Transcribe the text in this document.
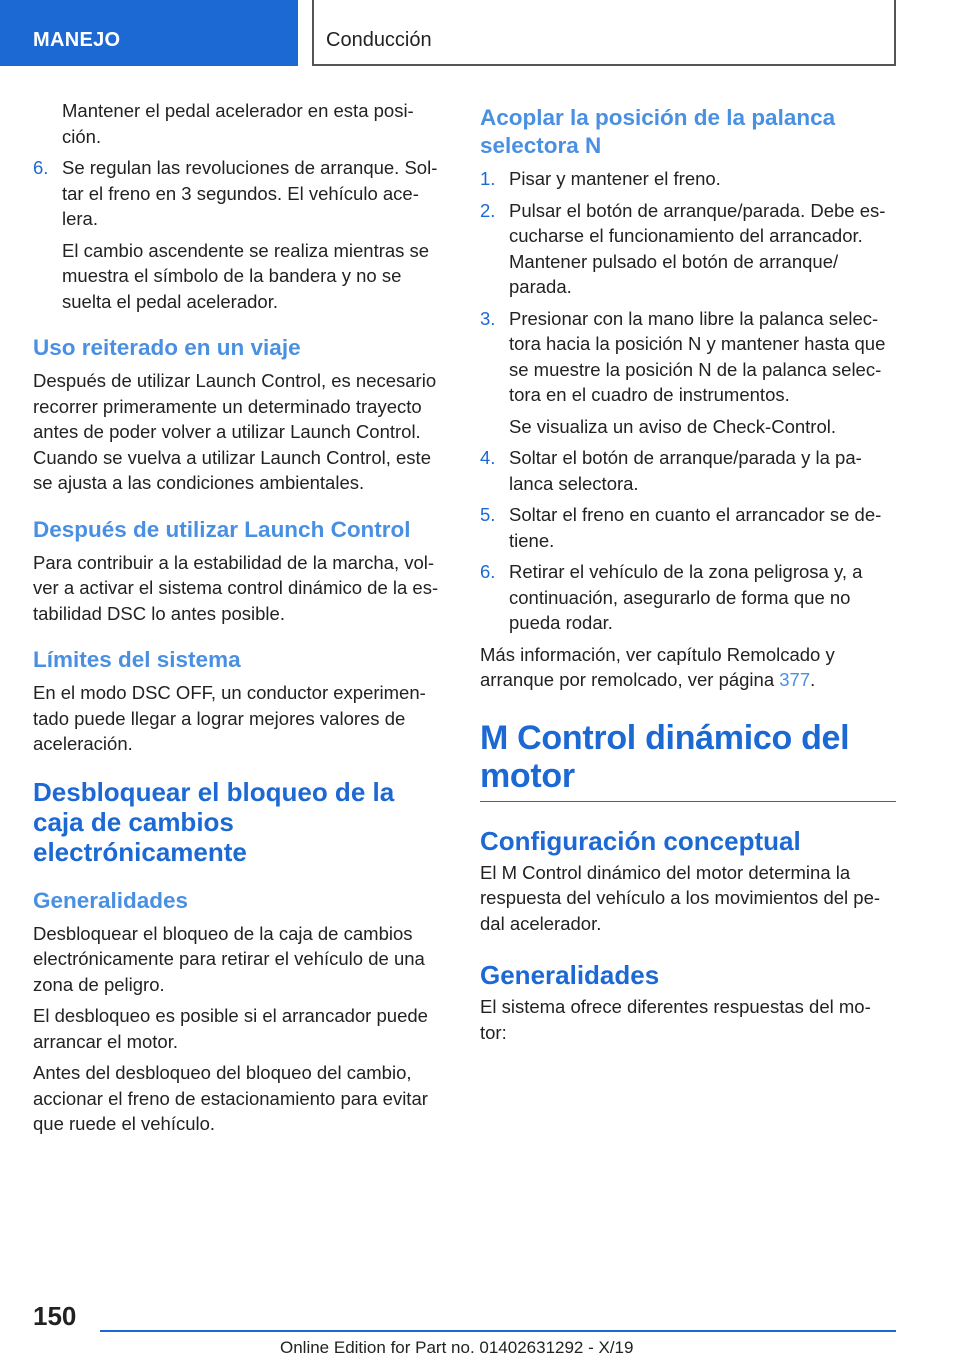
MANEJO	Conducción

Mantener el pedal acelerador en esta posi‐ ción.

6. Se regulan las revoluciones de arranque. Sol‐ tar el freno en 3 segundos. El vehículo ace‐ lera.

El cambio ascendente se realiza mientras se muestra el símbolo de la bandera y no se suelta el pedal acelerador.

Uso reiterado en un viaje

Después de utilizar Launch Control, es necesario recorrer primeramente un determinado trayecto antes de poder volver a utilizar Launch Control. Cuando se vuelva a utilizar Launch Control, este se ajusta a las condiciones ambientales.

Después de utilizar Launch Control

Para contribuir a la estabilidad de la marcha, vol‐ ver a activar el sistema control dinámico de la es‐ tabilidad DSC lo antes posible.

Límites del sistema

En el modo DSC OFF, un conductor experimen‐ tado puede llegar a lograr mejores valores de aceleración.

Desbloquear el bloqueo de la caja de cambios electrónicamente
Generalidades

Desbloquear el bloqueo de la caja de cambios electrónicamente para retirar el vehículo de una zona de peligro.

El desbloqueo es posible si el arrancador puede arrancar el motor.

Antes del desbloqueo del bloqueo del cambio, accionar el freno de estacionamiento para evitar que ruede el vehículo.

Acoplar la posición de la palanca selectora N
1. Pisar y mantener el freno.
2. Pulsar el botón de arranque/parada. Debe es‐ cucharse el funcionamiento del arrancador. Mantener pulsado el botón de arranque/ parada.
3. Presionar con la mano libre la palanca selec‐ tora hacia la posición N y mantener hasta que se muestre la posición N de la palanca selec‐ tora en el cuadro de instrumentos.

Se visualiza un aviso de Check-Control.

4. Soltar el botón de arranque/parada y la pa‐ lanca selectora.
5. Soltar el freno en cuanto el arrancador se de‐ tiene.
6. Retirar el vehículo de la zona peligrosa y, a continuación, asegurarlo de forma que no pueda rodar.

Más información, ver capítulo Remolcado y arranque por remolcado, ver página 377.

M Control dinámico del motor
Configuración conceptual

El M Control dinámico del motor determina la respuesta del vehículo a los movimientos del pe‐ dal acelerador.

Generalidades

El sistema ofrece diferentes respuestas del mo‐ tor:

150
Online Edition for Part no. 01402631292 - X/19
